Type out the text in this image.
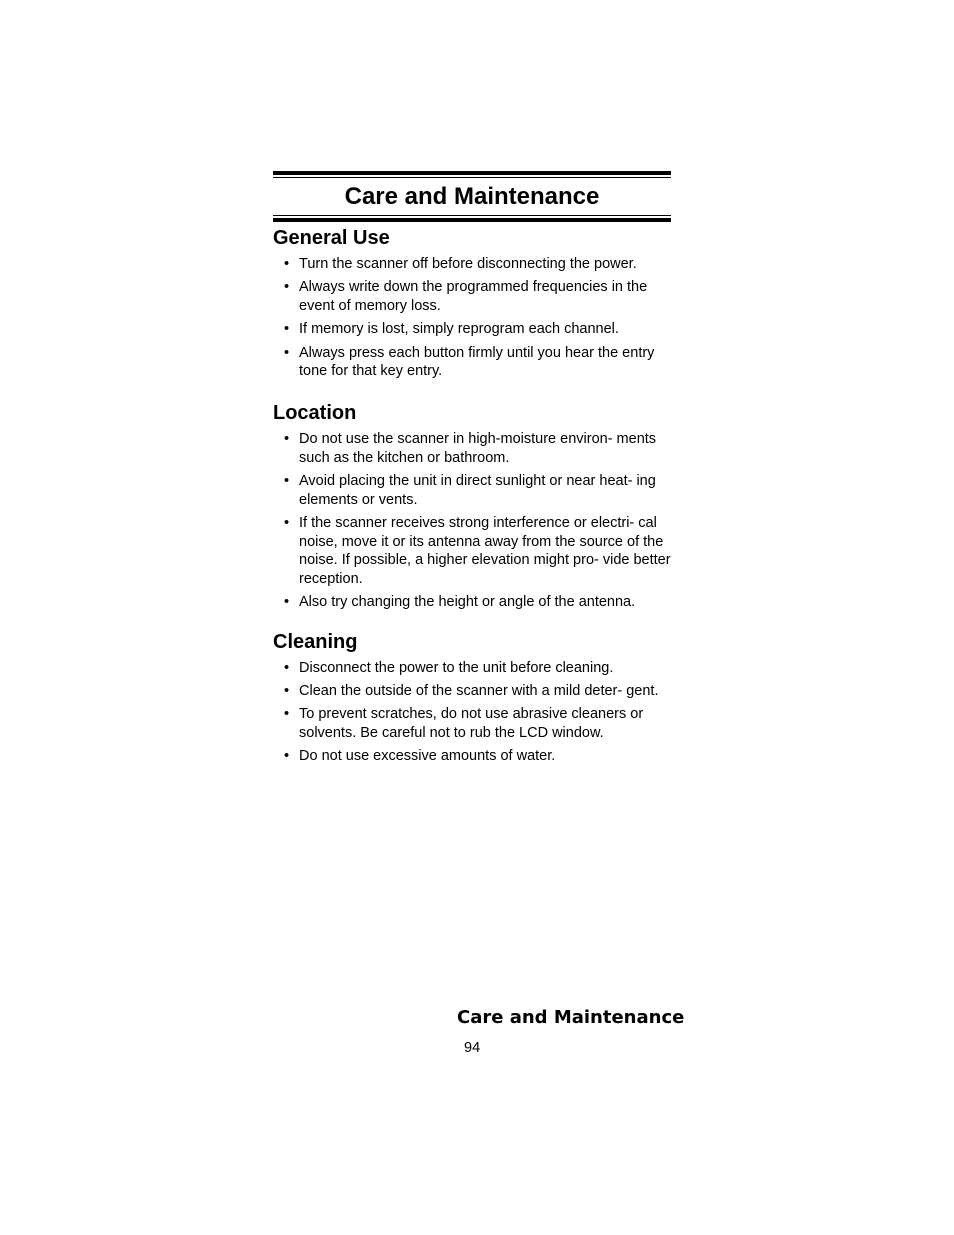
Care and Maintenance
General Use
• Turn the scanner off before disconnecting the power.
• Always write down the programmed frequencies in the event of memory loss.
• If memory is lost, simply reprogram each channel.
• Always press each button firmly until you hear the entry tone for that key entry.
Location
• Do not use the scanner in high-moisture environ- ments such as the kitchen or bathroom.
• Avoid placing the unit in direct sunlight or near heat- ing elements or vents.
• If the scanner receives strong interference or electri- cal noise, move it or its antenna away from the source of the noise. If possible, a higher elevation might pro- vide better reception.
• Also try changing the height or angle of the antenna.
Cleaning
• Disconnect the power to the unit before cleaning.
• Clean the outside of the scanner with a mild deter- gent.
• To prevent scratches, do not use abrasive cleaners or solvents. Be careful not to rub the LCD window.
• Do not use excessive amounts of water.
Care and Maintenance
94
